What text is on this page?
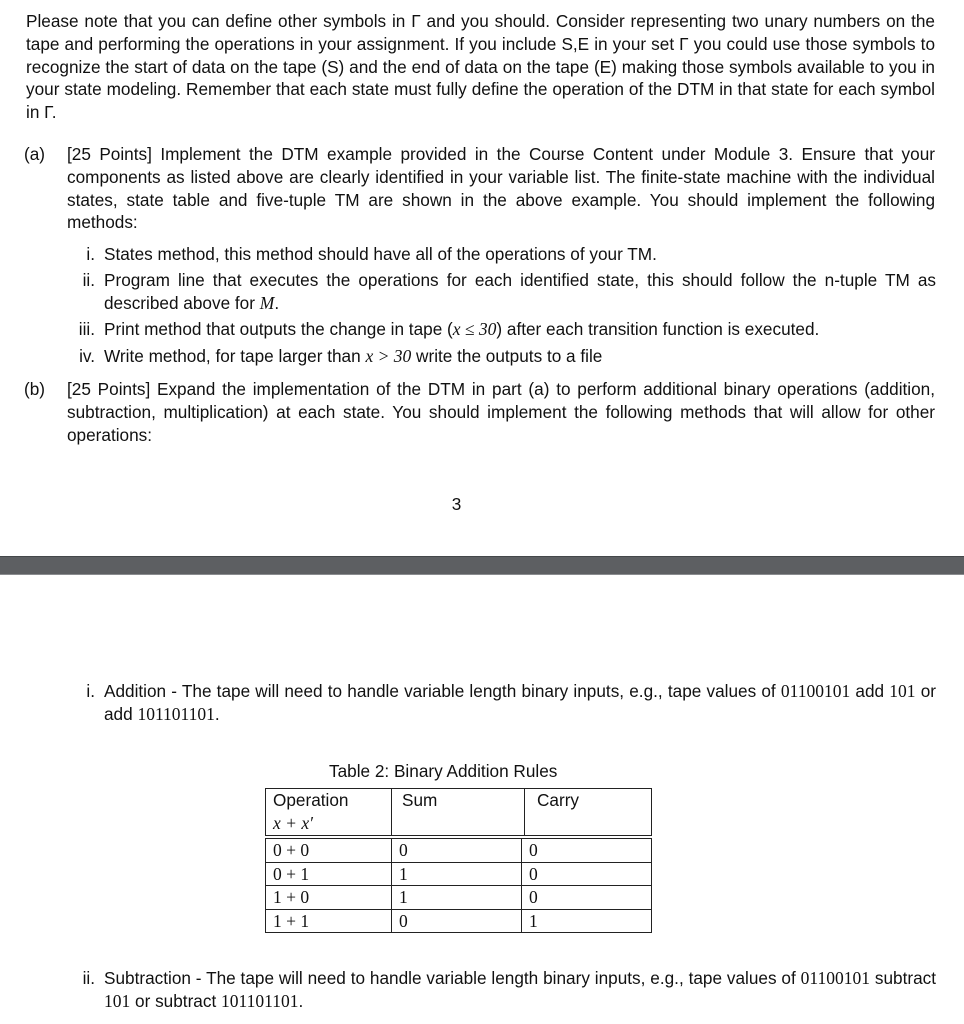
Please note that you can define other symbols in Γ and you should. Consider representing two unary numbers on the tape and performing the operations in your assignment. If you include S,E in your set Γ you could use those symbols to recognize the start of data on the tape (S) and the end of data on the tape (E) making those symbols available to you in your state modeling. Remember that each state must fully define the operation of the DTM in that state for each symbol in Γ.

(a) [25 Points] Implement the DTM example provided in the Course Content under Module 3. Ensure that your components as listed above are clearly identified in your variable list. The finite-state machine with the individual states, state table and five-tuple TM are shown in the above example. You should implement the following methods:

i. States method, this method should have all of the operations of your TM.
ii. Program line that executes the operations for each identified state, this should follow the n-tuple TM as described above for M.
iii. Print method that outputs the change in tape (x ≤ 30) after each transition function is executed.
iv. Write method, for tape larger than x > 30 write the outputs to a file
(b) [25 Points] Expand the implementation of the DTM in part (a) to perform additional binary operations (addition, subtraction, multiplication) at each state. You should implement the following methods that will allow for other operations:

3
i. Addition - The tape will need to handle variable length binary inputs, e.g., tape values of 01100101 add 101 or add 101101101.
Table 2: Binary Addition Rules
Operation
x + x′
	Sum	Carry
0 + 0	0	0
0 + 1	1	0
1 + 0	1	0
1 + 1	0	1
ii. Subtraction - The tape will need to handle variable length binary inputs, e.g., tape values of 01100101 subtract 101 or subtract 101101101.
